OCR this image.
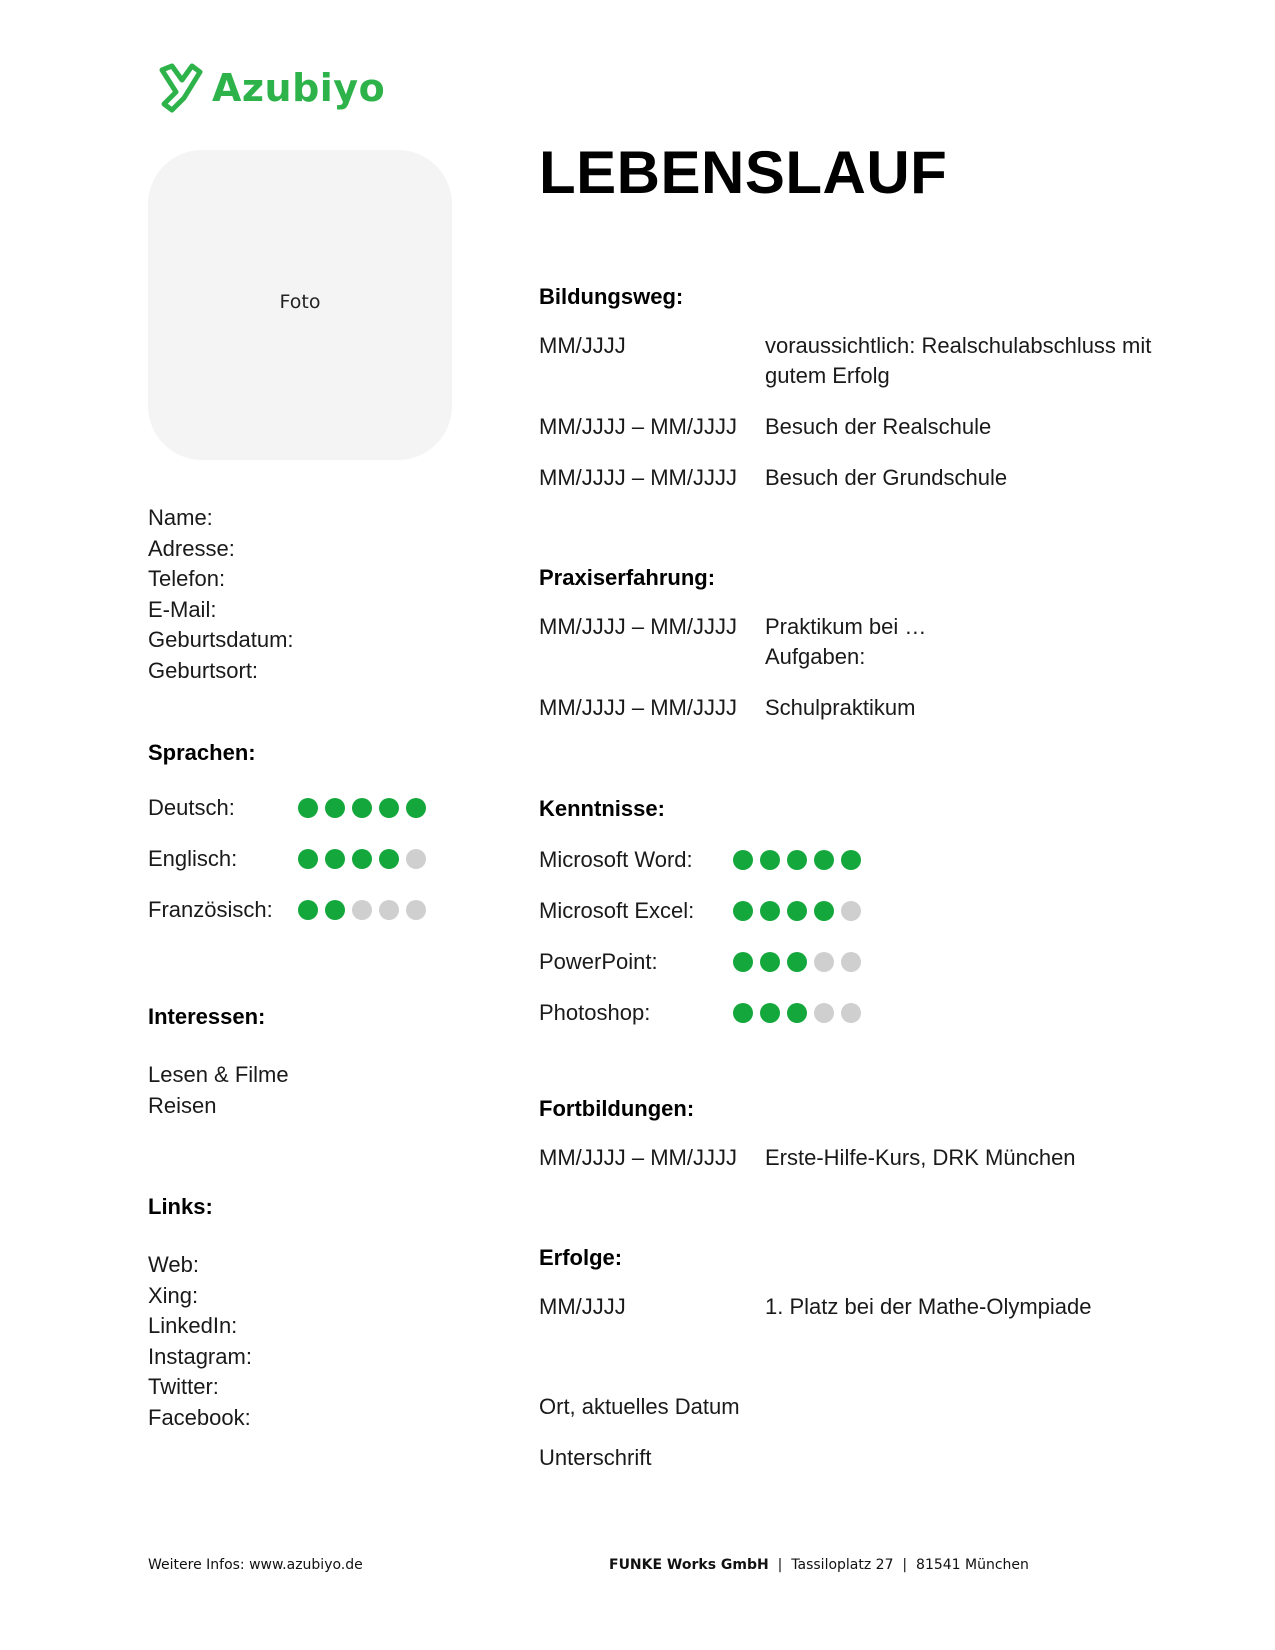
Azubiyo
Foto
LEBENSLAUF
Name:
Adresse:
Telefon:
E-Mail:
Geburtsdatum:
Geburtsort:
Sprachen:
Deutsch:
Englisch:
Französisch:
Interessen:
Lesen & Filme
Reisen
Links:
Web:
Xing:
LinkedIn:
Instagram:
Twitter:
Facebook:
Bildungsweg:
MM/JJJJ	voraussichtlich: Realschulabschluss mit gutem Erfolg
MM/JJJJ – MM/JJJJ	Besuch der Realschule
MM/JJJJ – MM/JJJJ	Besuch der Grundschule
Praxiserfahrung:
MM/JJJJ – MM/JJJJ	Praktikum bei …
Aufgaben:
MM/JJJJ – MM/JJJJ	Schulpraktikum
Kenntnisse:
Microsoft Word:
Microsoft Excel:
PowerPoint:
Photoshop:
Fortbildungen:
MM/JJJJ – MM/JJJJ	Erste-Hilfe-Kurs, DRK München
Erfolge:
MM/JJJJ	1. Platz bei der Mathe-Olympiade
Ort, aktuelles Datum
Unterschrift
Weitere Infos: www.azubiyo.de	FUNKE Works GmbH | Tassiloplatz 27 | 81541 München
